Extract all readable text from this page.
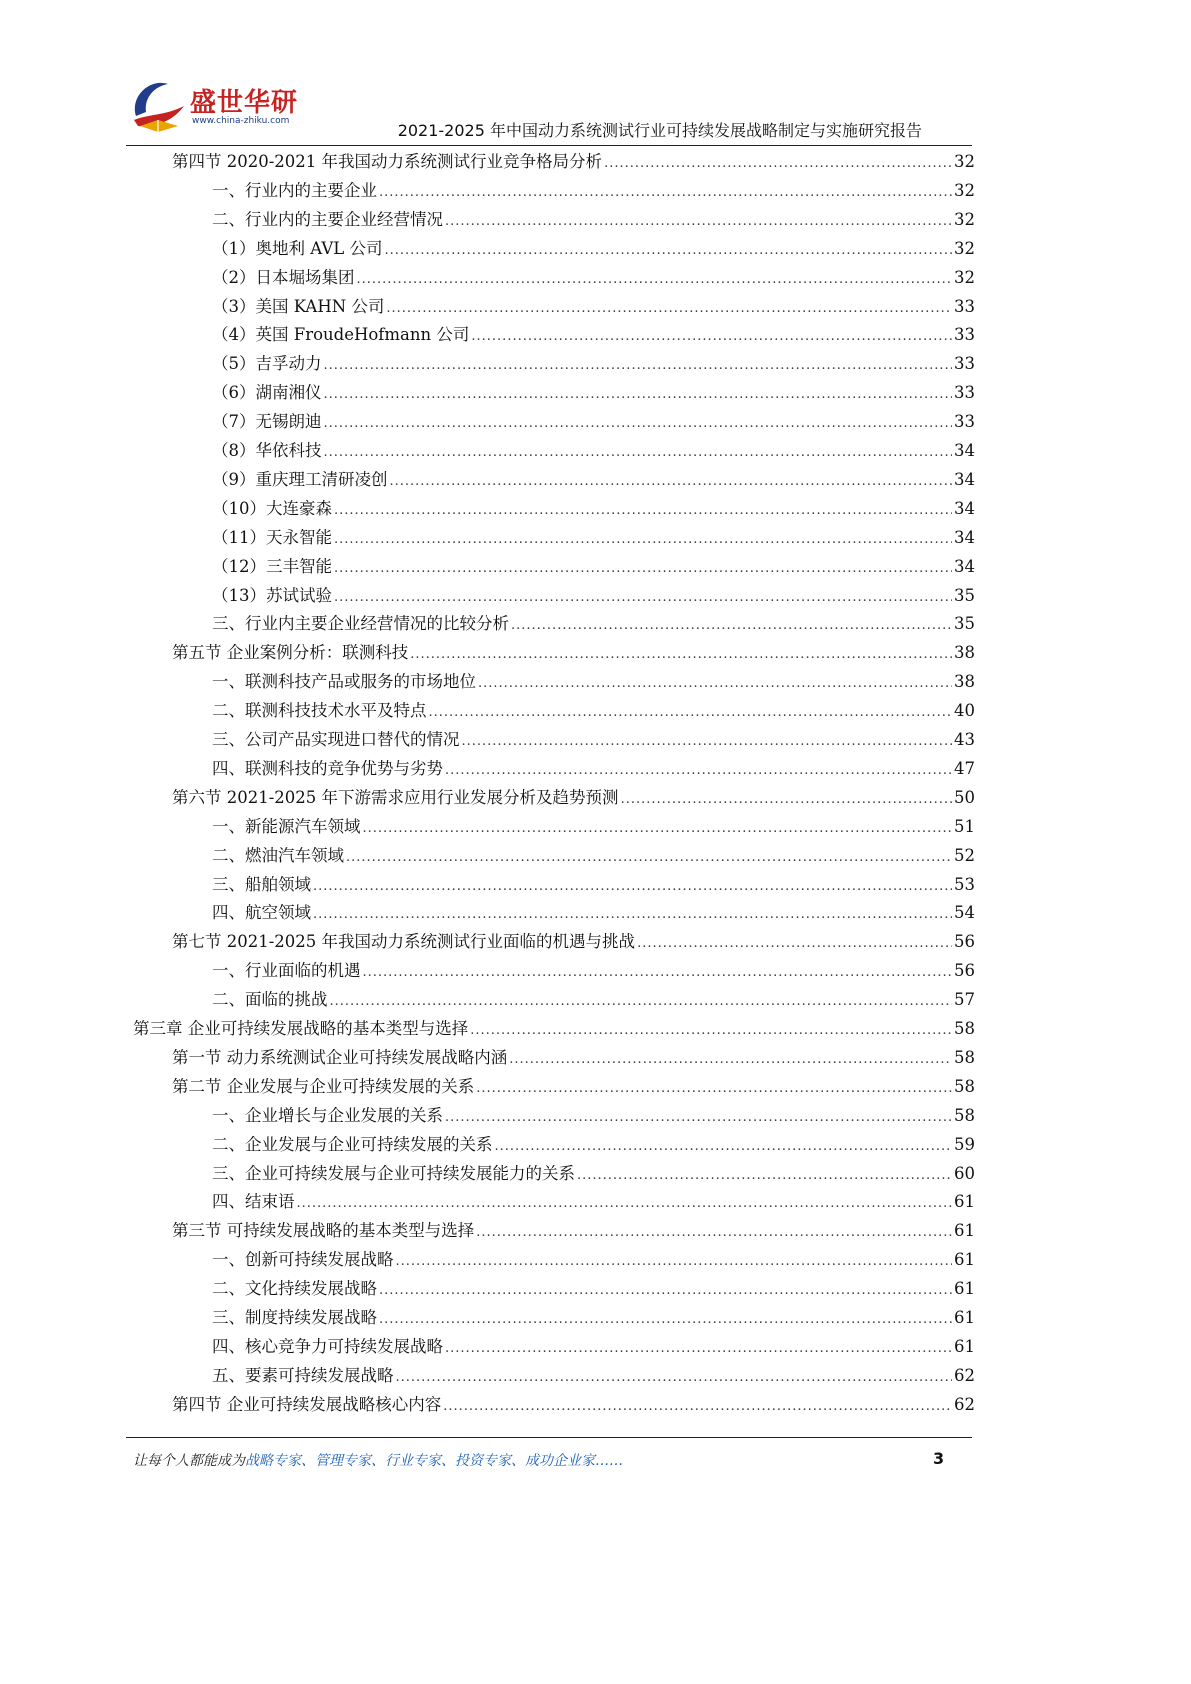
盛世华研
www.china-zhiku.com	2021-2025 年中国动力系统测试行业可持续发展战略制定与实施研究报告
第四节 2020-2021 年我国动力系统测试行业竞争格局分析 .....	32
一、行业内的主要企业 .....	32
二、行业内的主要企业经营情况 .....	32
（1）奥地利 AVL 公司 .....	32
（2）日本堀场集团 .....	32
（3）美国 KAHN 公司 .....	33
（4）英国 FroudeHofmann 公司 .....	33
（5）吉孚动力 .....	33
（6）湖南湘仪 .....	33
（7）无锡朗迪 .....	33
（8）华依科技 .....	34
（9）重庆理工清研凌创 .....	34
（10）大连豪森 .....	34
（11）天永智能 .....	34
（12）三丰智能 .....	34
（13）苏试试验 .....	35
三、行业内主要企业经营情况的比较分析 .....	35
第五节 企业案例分析：联测科技 .....	38
一、联测科技产品或服务的市场地位 .....	38
二、联测科技技术水平及特点 .....	40
三、公司产品实现进口替代的情况 .....	43
四、联测科技的竞争优势与劣势 .....	47
第六节 2021-2025 年下游需求应用行业发展分析及趋势预测 .....	50
一、新能源汽车领域 .....	51
二、燃油汽车领域 .....	52
三、船舶领域 .....	53
四、航空领域 .....	54
第七节 2021-2025 年我国动力系统测试行业面临的机遇与挑战 .....	56
一、行业面临的机遇 .....	56
二、面临的挑战 .....	57
第三章 企业可持续发展战略的基本类型与选择 .....	58
第一节 动力系统测试企业可持续发展战略内涵 .....	58
第二节 企业发展与企业可持续发展的关系 .....	58
一、企业增长与企业发展的关系 .....	58
二、企业发展与企业可持续发展的关系 .....	59
三、企业可持续发展与企业可持续发展能力的关系 .....	60
四、结束语 .....	61
第三节 可持续发展战略的基本类型与选择 .....	61
一、创新可持续发展战略 .....	61
二、文化持续发展战略 .....	61
三、制度持续发展战略 .....	61
四、核心竞争力可持续发展战略 .....	61
五、要素可持续发展战略 .....	62
第四节 企业可持续发展战略核心内容 .....	62
让每个人都能成为战略专家、管理专家、行业专家、投资专家、成功企业家……	3
